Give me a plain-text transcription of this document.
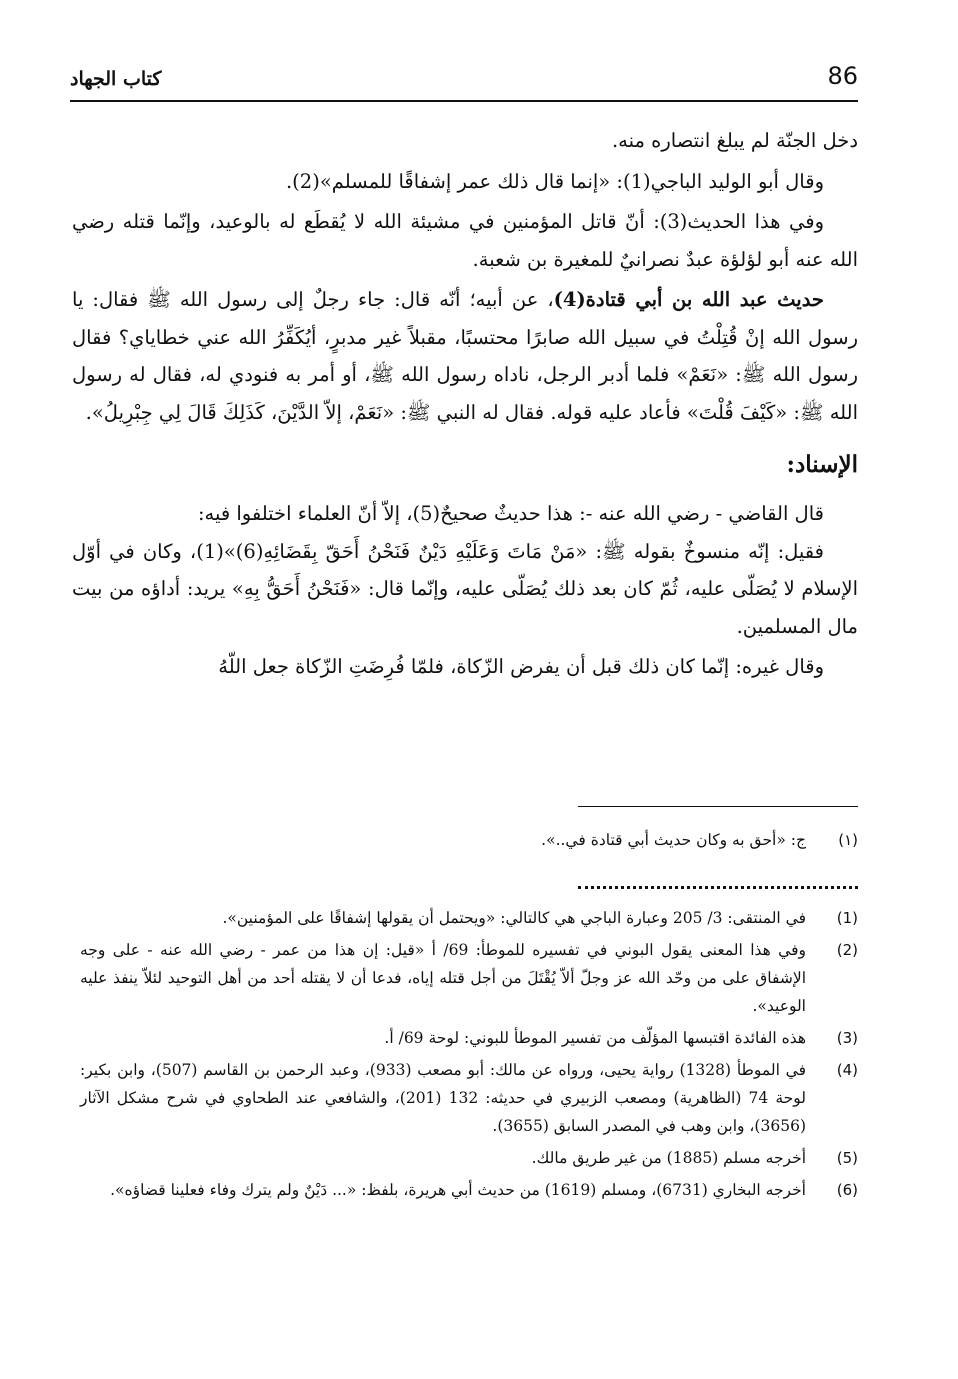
86
كتاب الجهاد

دخل الجنّة لم يبلغ انتصاره منه.

وقال أبو الوليد الباجي(1): «إنما قال ذلك عمر إشفاقًا للمسلم»(2).

وفي هذا الحديث(3): أنّ قاتل المؤمنين في مشيئة الله لا يُقطَع له بالوعيد، وإنّما قتله رضي الله عنه أبو لؤلؤة عبدٌ نصرانيٌ للمغيرة بن شعبة.

حديث عبد الله بن أبي قتادة(4)، عن أبيه؛ أنّه قال: جاء رجلٌ إلى رسول الله ﷺ فقال: يا رسول الله إنْ قُتِلْتُ في سبيل الله صابرًا محتسبًا، مقبلاً غير مدبرٍ، أيُكَفِّرُ الله عني خطاياي؟ فقال رسول الله ﷺ: «نَعَمْ» فلما أدبر الرجل، ناداه رسول الله ﷺ، أو أمر به فنودي له، فقال له رسول الله ﷺ: «كَيْفَ قُلْتَ» فأعاد عليه قوله. فقال له النبي ﷺ: «نَعَمْ، إلاّ الدَّيْنَ، كَذَلِكَ قَالَ لِي جِبْرِيلُ».

الإسناد:

قال القاضي - رضي الله عنه -: هذا حديثٌ صحيحٌ(5)، إلاّ أنّ العلماء اختلفوا فيه:

فقيل: إنّه منسوخٌ بقوله ﷺ: «مَنْ مَاتَ وَعَلَيْهِ دَيْنٌ فَنَحْنُ أَحَقّ بِقَضَائِهِ(6)»(1)، وكان في أوّل الإسلام لا يُصَلّى عليه، ثُمّ كان بعد ذلك يُصَلّى عليه، وإنّما قال: «فَنَحْنُ أَحَقُّ بِهِ» يريد: أداؤه من بيت مال المسلمين.

وقال غيره: إنّما كان ذلك قبل أن يفرض الزّكاة، فلمّا فُرِضَتِ الزّكاة جعل اللّهُ

(١)
ج: «أحق به وكان حديث أبي قتادة في..».
(1)
في المنتقى: 3/ 205 وعبارة الباجي هي كالتالي: «ويحتمل أن يقولها إشفاقًا على المؤمنين».
(2)
وفي هذا المعنى يقول البوني في تفسيره للموطأ: 69/ أ «قيل: إن هذا من عمر - رضي الله عنه - على وجه الإشفاق على من وحّد الله عز وجلّ ألاّ يُقْتَلَ من أجل قتله إياه، فدعا أن لا يقتله أحد من أهل التوحيد لئلاّ ينفذ عليه الوعيد».
(3)
هذه الفائدة اقتبسها المؤلّف من تفسير الموطأ للبوني: لوحة 69/ أ.
(4)
في الموطأ (1328) رواية يحيى، ورواه عن مالك: أبو مصعب (933)، وعبد الرحمن بن القاسم (507)، وابن بكير: لوحة 74 (الظاهرية) ومصعب الزبيري في حديثه: 132 (201)، والشافعي عند الطحاوي في شرح مشكل الآثار (3656)، وابن وهب في المصدر السابق (3655).
(5)
أخرجه مسلم (1885) من غير طريق مالك.
(6)
أخرجه البخاري (6731)، ومسلم (1619) من حديث أبي هريرة، بلفظ: «... دَيْنٌ ولم يترك وفاء فعلينا قضاؤه».
